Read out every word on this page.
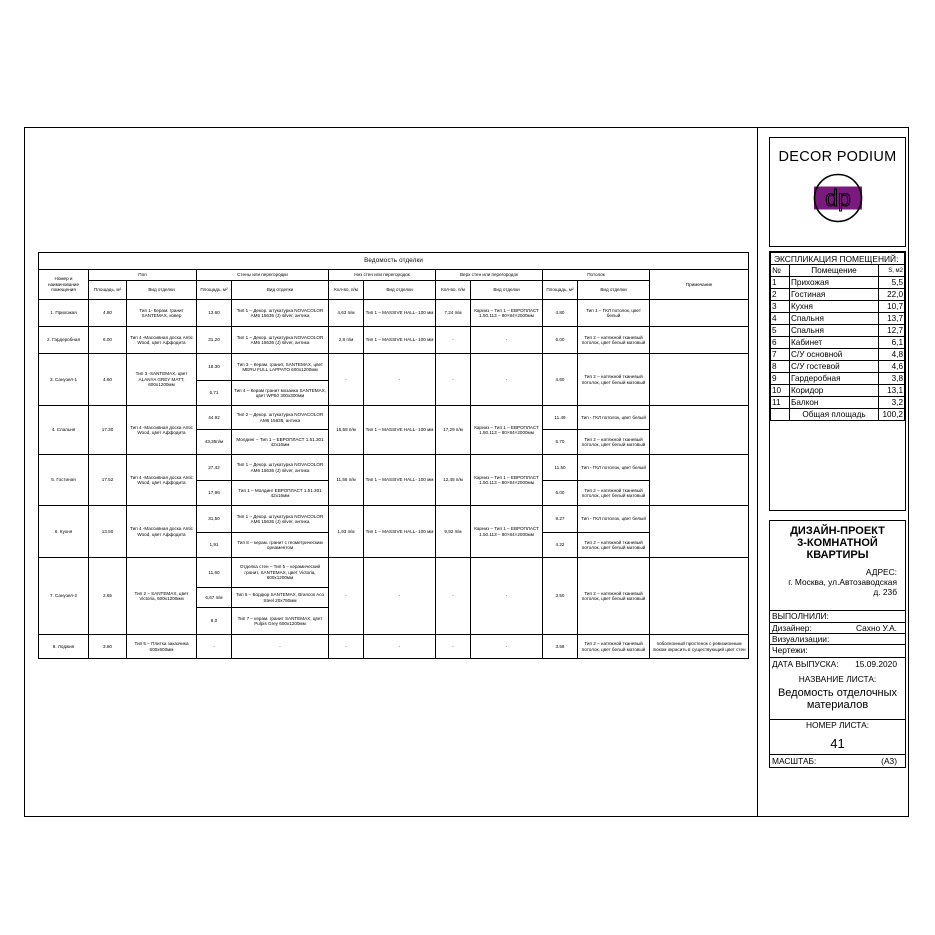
Ведомость отделки											
Номер и наименование помещения	Пол		Стены или перегородки		Низ стен или перегородок		Верх стен или перегородок		Потолок		Примечание
	Площадь, м²	Вид отделки	Площадь, м²	Вид отделки	Кол-во, п/м	Вид отделки	Кол-во, п/м	Вид отделки	Площадь, м²	Вид отделки	
1. Прихожая	4.80	Тип 1- Керам. гранит SANTEMAX, ковер	13.60	Тип 1 – Декор. штукатурка NOVACOLOR AM6 15636 (J) silver, антика	4,63 п/м	Тип 1 – MASSIVE HALL- 100 мм	7,24 п/м	Карниз – Тип 1 – ЕВРОПЛАСТ 1.50.113 – 80×84×2000мм	4.80	Тип 1 – ГКЛ потолок, цвет белый	
2. Гардеробная	6.00	Тип 4 -Массивная доска Antic Wood, цвет Аффодита	31.20	Тип 1 – Декор. штукатурка NOVACOLOR AM6 15636 (J) silver, антика	2,8 п/м	Тип 1 – MASSIVE HALL- 100 мм	-	-	6.00	Тип 2 – натяжной тканевый потолок, цвет белый матовый	
3. Санузел-1	4.60	Тип 3 -SANTEMAX, цвет ALANYA GREY MATT, 600x1200мм	18.30	Тип 3 – Керам. гранит, SANTEMAX, цвет MERU FULL LAPPATO 600x1200мм	-	-	-	-	4.60	Тип 2 – натяжной тканевый потолок, цвет белый матовый	
			6.71	Тип 4 – Керам гранит мозаика SANTEMAX, цвет WP50 300x300мм							
4. Спальня	17.30	Тип 4 -Массивная доска Antic Wood, цвет Аффодита	44.92	Тип 2 – Декор. штукатурка NOVACOLOR AM6 15636, антика	15,58 п/м	Тип 1 – MASSIVE HALL- 100 мм	17,29 п/м	Карниз – Тип 1 – ЕВРОПЛАСТ 1.50.113 – 80×84×2000мм	11.49	Тип - ГКЛ потолок, цвет белый	
			43,35п/м	Молдинг – Тип 1 – ЕВРОПЛАСТ 1.51.301 42x16мм					5.70	Тип 2 – натяжной тканевый потолок, цвет белый матовый	
5. Гостиная	17.52	Тип 4 -Массивная доска Antic Wood, цвет Аффодита	27,42	Тип 1 – Декор. штукатурка NOVACOLOR AM6 15636 (J) silver, антика	11,56 п/м	Тип 1 – MASSIVE HALL- 100 мм	12,45 п/м	Карниз – Тип 1 – ЕВРОПЛАСТ 1.50.113 – 80×84×2000мм	11.50	Тип - ГКЛ потолок, цвет белый	
			17,96	Тип 1 – Молдинг ЕВРОПЛАСТ 1.51.301 42x16мм					6.00	Тип 2 – натяжной тканевый потолок, цвет белый матовый	
6. Кухня	13.50	Тип 4 -Массивная доска Antic Wood, цвет Аффодита	31,50	Тип 1 – Декор. штукатурка NOVACOLOR AM6 15636 (J) silver, антика	1,93 п/м	Тип 1 – MASSIVE HALL- 100 мм	9,92 п/м	Карниз – Тип 1 – ЕВРОПЛАСТ 1.50.113 – 80×84×2000мм	9.27	Тип - ГКЛ потолок, цвет белый	
			1,91	Тип 8 – керам. гранит с геометрическим орнаментом					4.22	Тип 2 – натяжной тканевый потолок, цвет белый матовый	
7. Санузел-2	2.65	Тип 2 – SANTEMAX, цвет Victoria, 600x1200мм	11,60	Отделка стен – Тип 5 – керамический гранит, SANTEMAX, цвет Victoria, 600x1200мм	-	-	-	-	3.50	Тип 2 – натяжной тканевый потолок, цвет белый матовый	
			6,67 п/м	Тип 6 – Бордюр SANTEMAX, Brancos Aco Steel 20x750мм							
			8,0	Тип 7 – керам. гранит SANTEMAX, цвет Pulpis Grey 600x1200мм							
8. Лоджия	3.60	Тип 5 – Плитка заказчика 600x600мм	-	-	-	-	-	-	3.56	Тип 2 – натяжной тканевый потолок, цвет белый матовый	поболконный простенок с ревизионным люком окрасить в существующий цвет стен
DECOR PODIUM
dp
ЭКСПЛИКАЦИЯ ПОМЕЩЕНИЙ:		
№	Помещение	S, м2
1	Прихожая	5,5
2	Гостиная	22,0
3	Кухня	10,7
4	Спальня	13,7
5	Спальня	12,7
6	Кабинет	6,1
7	С/У основной	4,8
8	С/У гостевой	4,6
9	Гардеробная	3,8
10	Коридор	13,1
11	Балкон	3,2
	Общая площадь	100,2
ДИЗАЙН-ПРОЕКТ
3-КОМНАТНОЙ
КВАРТИРЫ
АДРЕС:
г. Москва, ул.Автозаводская
д. 23б
ВЫПОЛНИЛИ:
Дизайнер:	Сахно У.А.
Визуализации:
Чертежи:
ДАТА ВЫПУСКА: 15.09.2020
НАЗВАНИЕ ЛИСТА:
Ведомость отделочных
материалов
НОМЕР ЛИСТА:
41
МАСШТАБ:	(А3)
